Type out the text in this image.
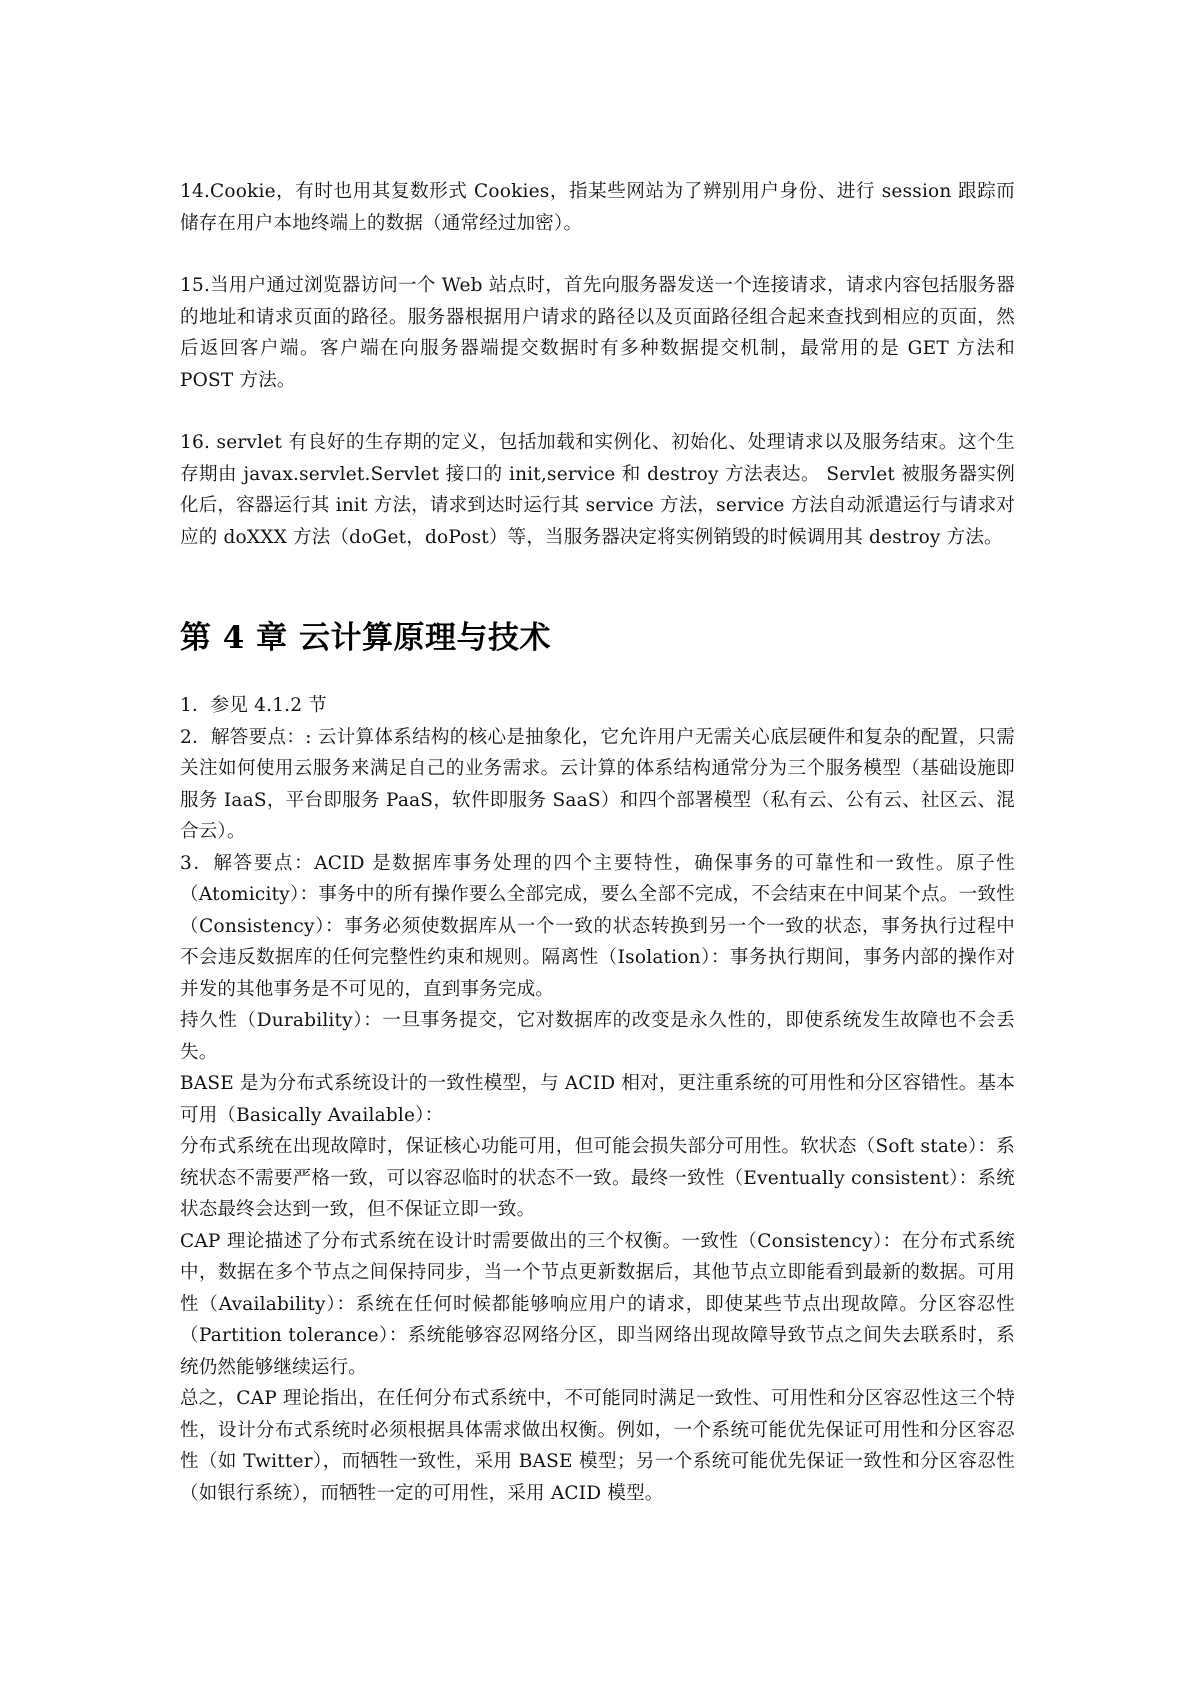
14.Cookie，有时也用其复数形式 Cookies，指某些网站为了辨别用户身份、进行 session 跟踪而储存在用户本地终端上的数据（通常经过加密）。

15.当用户通过浏览器访问一个 Web 站点时，首先向服务器发送一个连接请求，请求内容包括服务器的地址和请求页面的路径。服务器根据用户请求的路径以及页面路径组合起来查找到相应的页面，然后返回客户端。客户端在向服务器端提交数据时有多种数据提交机制，最常用的是 GET 方法和 POST 方法。

16. servlet 有良好的生存期的定义，包括加载和实例化、初始化、处理请求以及服务结束。这个生存期由 javax.servlet.Servlet 接口的 init,service 和 destroy 方法表达。 Servlet 被服务器实例化后，容器运行其 init 方法，请求到达时运行其 service 方法，service 方法自动派遣运行与请求对应的 doXXX 方法（doGet，doPost）等，当服务器决定将实例销毁的时候调用其 destroy 方法。

第 4 章 云计算原理与技术

1．参见 4.1.2 节

2．解答要点：: 云计算体系结构的核心是抽象化，它允许用户无需关心底层硬件和复杂的配置，只需关注如何使用云服务来满足自己的业务需求。云计算的体系结构通常分为三个服务模型（基础设施即服务 IaaS，平台即服务 PaaS，软件即服务 SaaS）和四个部署模型（私有云、公有云、社区云、混合云）。

3．解答要点：ACID 是数据库事务处理的四个主要特性，确保事务的可靠性和一致性。原子性（Atomicity）：事务中的所有操作要么全部完成，要么全部不完成，不会结束在中间某个点。一致性（Consistency）：事务必须使数据库从一个一致的状态转换到另一个一致的状态，事务执行过程中不会违反数据库的任何完整性约束和规则。隔离性（Isolation）：事务执行期间，事务内部的操作对并发的其他事务是不可见的，直到事务完成。

持久性（Durability）：一旦事务提交，它对数据库的改变是永久性的，即使系统发生故障也不会丢失。

BASE 是为分布式系统设计的一致性模型，与 ACID 相对，更注重系统的可用性和分区容错性。基本可用（Basically Available）：

分布式系统在出现故障时，保证核心功能可用，但可能会损失部分可用性。软状态（Soft state）：系统状态不需要严格一致，可以容忍临时的状态不一致。最终一致性（Eventually consistent）：系统状态最终会达到一致，但不保证立即一致。

CAP 理论描述了分布式系统在设计时需要做出的三个权衡。一致性（Consistency）：在分布式系统中，数据在多个节点之间保持同步，当一个节点更新数据后，其他节点立即能看到最新的数据。可用性（Availability）：系统在任何时候都能够响应用户的请求，即使某些节点出现故障。分区容忍性（Partition tolerance）：系统能够容忍网络分区，即当网络出现故障导致节点之间失去联系时，系统仍然能够继续运行。

总之，CAP 理论指出，在任何分布式系统中，不可能同时满足一致性、可用性和分区容忍性这三个特性，设计分布式系统时必须根据具体需求做出权衡。例如，一个系统可能优先保证可用性和分区容忍性（如 Twitter），而牺牲一致性，采用 BASE 模型；另一个系统可能优先保证一致性和分区容忍性（如银行系统），而牺牲一定的可用性，采用 ACID 模型。
